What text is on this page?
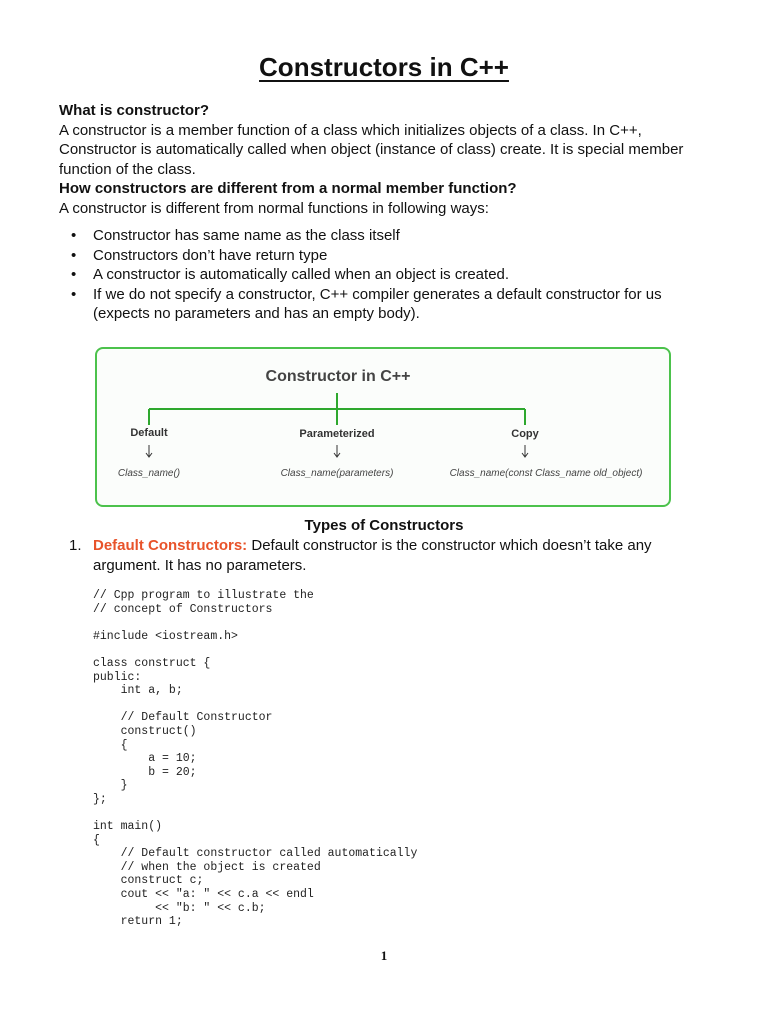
Constructors in C++
What is constructor?
A constructor is a member function of a class which initializes objects of a class. In C++,
Constructor is automatically called when object (instance of class) create. It is special member
function of the class.
How constructors are different from a normal member function?
A constructor is different from normal functions in following ways:
• Constructor has same name as the class itself
• Constructors don’t have return type
• A constructor is automatically called when an object is created.
• If we do not specify a constructor, C++ compiler generates a default constructor for us
(expects no parameters and has an empty body).
Constructor in C++
Default	Parameterized	Copy
Class_name()	Class_name(parameters)	Class_name(const Class_name old_object)
Types of Constructors
1. Default Constructors: Default constructor is the constructor which doesn’t take any
argument. It has no parameters.
// Cpp program to illustrate the
// concept of Constructors
#include <iostream.h>
class construct {
public:
int a, b;
// Default Constructor
construct()
{
a = 10;
b = 20;
}
};
int main()
{
// Default constructor called automatically
// when the object is created
construct c;
cout << "a: " << c.a << endl
<< "b: " << c.b;
return 1;
1
